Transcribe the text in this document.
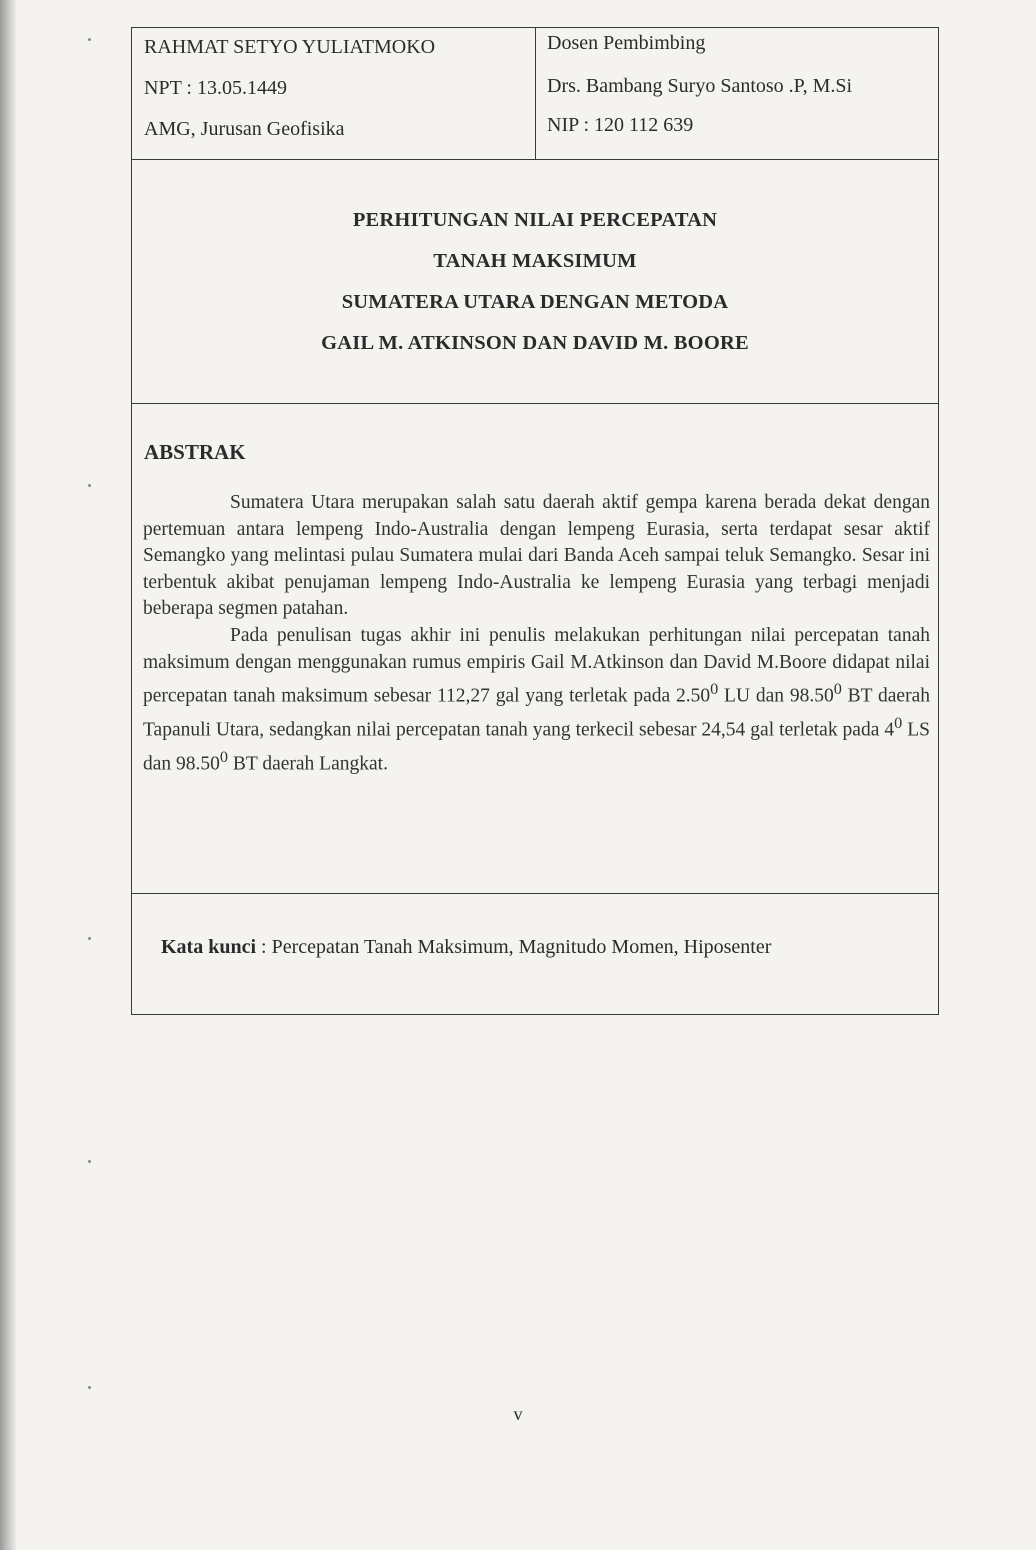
RAHMAT SETYO YULIATMOKO
NPT : 13.05.1449
AMG, Jurusan Geofisika
Dosen Pembimbing
Drs. Bambang Suryo Santoso .P, M.Si
NIP : 120 112 639
PERHITUNGAN NILAI PERCEPATAN
TANAH MAKSIMUM
SUMATERA UTARA DENGAN METODA
GAIL M. ATKINSON DAN DAVID M. BOORE
ABSTRAK

Sumatera Utara merupakan salah satu daerah aktif gempa karena berada dekat dengan pertemuan antara lempeng Indo-Australia dengan lempeng Eurasia, serta terdapat sesar aktif Semangko yang melintasi pulau Sumatera mulai dari Banda Aceh sampai teluk Semangko. Sesar ini terbentuk akibat penujaman lempeng Indo-Australia ke lempeng Eurasia yang terbagi menjadi beberapa segmen patahan.

Pada penulisan tugas akhir ini penulis melakukan perhitungan nilai percepatan tanah maksimum dengan menggunakan rumus empiris Gail M.Atkinson dan David M.Boore didapat nilai percepatan tanah maksimum sebesar 112,27 gal yang terletak pada 2.50$^0$ LU dan 98.50$^0$ BT daerah Tapanuli Utara, sedangkan nilai percepatan tanah yang terkecil sebesar 24,54 gal terletak pada $4^0$ LS dan 98.50$^0$ BT daerah Langkat.

Kata kunci : Percepatan Tanah Maksimum, Magnitudo Momen, Hiposenter
v
